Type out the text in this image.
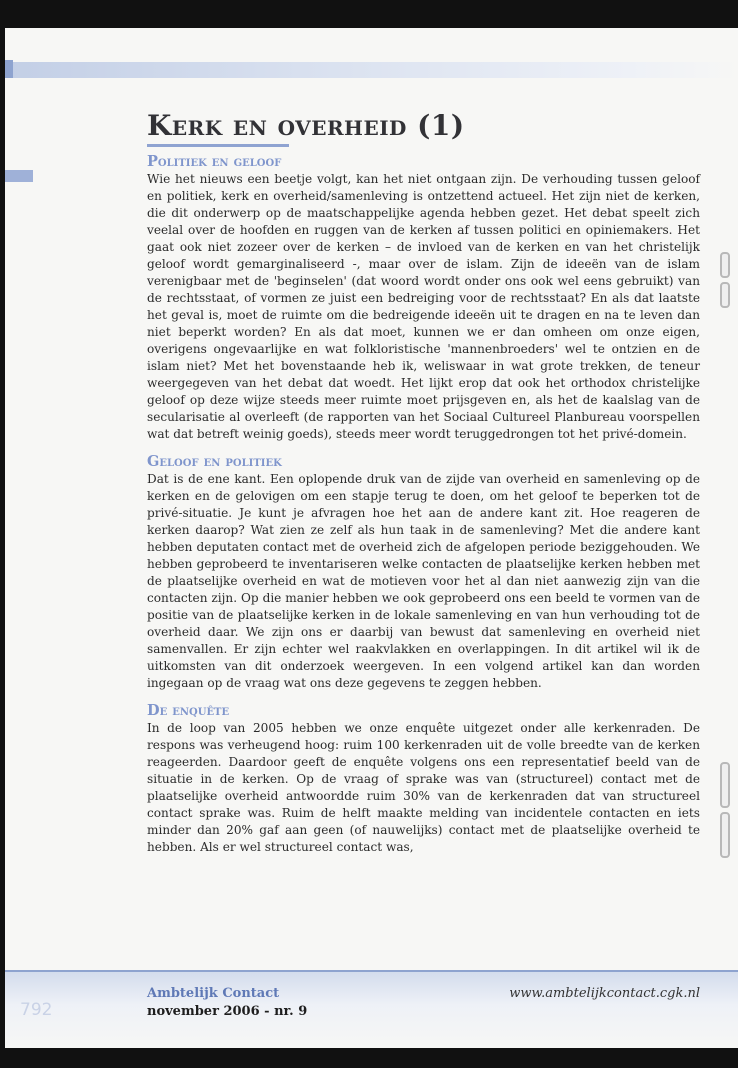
Kerk en overheid (1)
Politiek en geloof

Wie het nieuws een beetje volgt, kan het niet ontgaan zijn. De verhouding tussen geloof en politiek, kerk en overheid/samenleving is ontzettend actueel. Het zijn niet de kerken, die dit onderwerp op de maatschappelijke agenda hebben gezet. Het debat speelt zich veelal over de hoofden en ruggen van de kerken af tussen politici en opiniemakers. Het gaat ook niet zozeer over de kerken – de invloed van de kerken en van het christelijk geloof wordt gemarginaliseerd -, maar over de islam. Zijn de ideeën van de islam verenigbaar met de 'beginselen' (dat woord wordt onder ons ook wel eens gebruikt) van de rechtsstaat, of vormen ze juist een bedreiging voor de rechtsstaat? En als dat laatste het geval is, moet de ruimte om die bedreigende ideeën uit te dragen en na te leven dan niet beperkt worden? En als dat moet, kunnen we er dan omheen om onze eigen, overigens ongevaarlijke en wat folkloristische 'mannenbroeders' wel te ontzien en de islam niet? Met het bovenstaande heb ik, weliswaar in wat grote trekken, de teneur weergegeven van het debat dat woedt. Het lijkt erop dat ook het orthodox christelijke geloof op deze wijze steeds meer ruimte moet prijsgeven en, als het de kaalslag van de secularisatie al overleeft (de rapporten van het Sociaal Cultureel Planbureau voorspellen wat dat betreft weinig goeds), steeds meer wordt teruggedrongen tot het privé-domein.

Geloof en politiek

Dat is de ene kant. Een oplopende druk van de zijde van overheid en samenleving op de kerken en de gelovigen om een stapje terug te doen, om het geloof te beperken tot de privé-situatie. Je kunt je afvragen hoe het aan de andere kant zit. Hoe reageren de kerken daarop? Wat zien ze zelf als hun taak in de samenleving? Met die andere kant hebben deputaten contact met de overheid zich de afgelopen periode beziggehouden. We hebben geprobeerd te inventariseren welke contacten de plaatselijke kerken hebben met de plaatselijke overheid en wat de motieven voor het al dan niet aanwezig zijn van die contacten zijn. Op die manier hebben we ook geprobeerd ons een beeld te vormen van de positie van de plaatselijke kerken in de lokale samenleving en van hun verhouding tot de overheid daar. We zijn ons er daarbij van bewust dat samenleving en overheid niet samenvallen. Er zijn echter wel raakvlakken en overlappingen. In dit artikel wil ik de uitkomsten van dit onderzoek weergeven. In een volgend artikel kan dan worden ingegaan op de vraag wat ons deze gegevens te zeggen hebben.

De enquête

In de loop van 2005 hebben we onze enquête uitgezet onder alle kerkenraden. De respons was verheugend hoog: ruim 100 kerkenraden uit de volle breedte van de kerken reageerden. Daardoor geeft de enquête volgens ons een representatief beeld van de situatie in de kerken. Op de vraag of sprake was van (structureel) contact met de plaatselijke overheid antwoordde ruim 30% van de kerkenraden dat van structureel contact sprake was. Ruim de helft maakte melding van incidentele contacten en iets minder dan 20% gaf aan geen (of nauwelijks) contact met de plaatselijke overheid te hebben. Als er wel structureel contact was,

792
Ambtelijk Contact
november 2006 - nr. 9
www.ambtelijkcontact.cgk.nl
